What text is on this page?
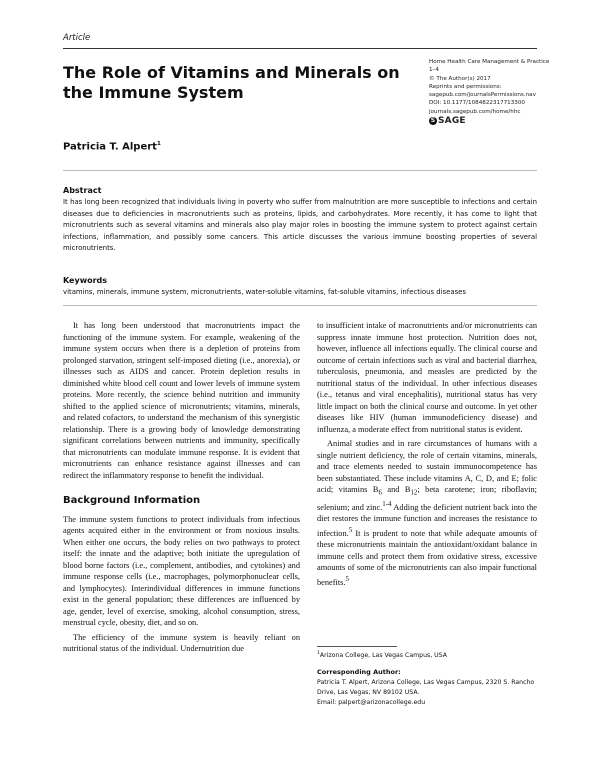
Article
The Role of Vitamins and Minerals on the Immune System
Home Health Care Management & Practice
1–4
© The Author(s) 2017
Reprints and permissions:
sagepub.com/journalsPermissions.nav
DOI: 10.1177/1084822317713300
journals.sagepub.com/home/hhc
S SAGE
Patricia T. Alpert$^1$
Abstract
It has long been recognized that individuals living in poverty who suffer from malnutrition are more susceptible to infections and certain diseases due to deficiencies in macronutrients such as proteins, lipids, and carbohydrates. More recently, it has come to light that micronutrients such as several vitamins and minerals also play major roles in boosting the immune system to protect against certain infections, inflammation, and possibly some cancers. This article discusses the various immune boosting properties of several micronutrients.
Keywords
vitamins, minerals, immune system, micronutrients, water-soluble vitamins, fat-soluble vitamins, infectious diseases

It has long been understood that macronutrients impact the functioning of the immune system. For example, weakening of the immune system occurs when there is a depletion of proteins from prolonged starvation, stringent self-imposed dieting (i.e., anorexia), or illnesses such as AIDS and cancer. Protein depletion results in diminished white blood cell count and lower levels of immune system proteins. More recently, the science behind nutrition and immunity shifted to the applied science of micronutrients; vitamins, minerals, and related cofactors, to understand the mechanism of this synergistic relationship. There is a growing body of knowledge demonstrating significant correlations between nutrients and immunity, specifically that micronutrients can modulate immune response. It is evident that micronutrients can enhance resistance against illnesses and can redirect the inflammatory response to benefit the individual.

Background Information

The immune system functions to protect individuals from infectious agents acquired either in the environment or from noxious insults. When either one occurs, the body relies on two pathways to protect itself: the innate and the adaptive; both initiate the upregulation of blood borne factors (i.e., complement, antibodies, and cytokines) and immune response cells (i.e., macrophages, polymorphonuclear cells, and lymphocytes). Interindividual differences in immune functions exist in the general population; these differences are influenced by age, gender, level of exercise, smoking, alcohol consumption, stress, menstrual cycle, obesity, diet, and so on.

The efficiency of the immune system is heavily reliant on nutritional status of the individual. Undernutrition due

to insufficient intake of macronutrients and/or micronutrients can suppress innate immune host protection. Nutrition does not, however, influence all infections equally. The clinical course and outcome of certain infections such as viral and bacterial diarrhea, tuberculosis, pneumonia, and measles are predicted by the nutritional status of the individual. In other infectious diseases (i.e., tetanus and viral encephalitis), nutritional status has very little impact on both the clinical course and outcome. In yet other diseases like HIV (human immunodeficiency disease) and influenza, a moderate effect from nutritional status is evident.

Animal studies and in rare circumstances of humans with a single nutrient deficiency, the role of certain vitamins, minerals, and trace elements needed to sustain immunocompetence has been substantiated. These include vitamins A, C, D, and E; folic acid; vitamins $B_6$ and $B_{12}$; beta carotene; iron; riboflavin; selenium; and zinc.$^{1-4}$ Adding the deficient nutrient back into the diet restores the immune function and increases the resistance to infection.$^5$ It is prudent to note that while adequate amounts of these micronutrients maintain the antioxidant/oxidant balance in immune cells and protect them from oxidative stress, excessive amounts of some of the micronutrients can also impair functional benefits.$^5$

$^1$Arizona College, Las Vegas Campus, USA
Corresponding Author:
Patricia T. Alpert, Arizona College, Las Vegas Campus, 2320 S. Rancho
Drive, Las Vegas, NV 89102 USA.
Email: palpert@arizonacollege.edu
